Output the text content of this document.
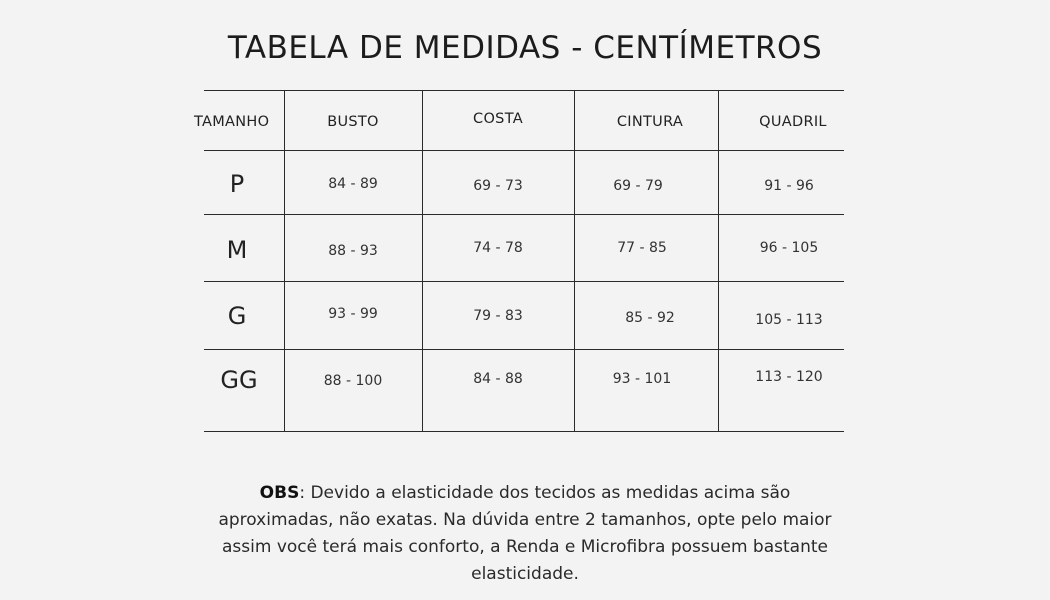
TABELA DE MEDIDAS - CENTÍMETROS
TAMANHO	BUSTO	COSTA	CINTURA	QUADRIL
P	84 - 89	69 - 73	69 - 79	91 - 96
M	88 - 93	74 - 78	77 - 85	96 - 105
G	93 - 99	79 - 83	85 - 92	105 - 113
GG	88 - 100	84 - 88	93 - 101	113 - 120
OBS: Devido a elasticidade dos tecidos as medidas acima são aproximadas, não exatas. Na dúvida entre 2 tamanhos, opte pelo maior assim você terá mais conforto, a Renda e Microfibra possuem bastante elasticidade.
